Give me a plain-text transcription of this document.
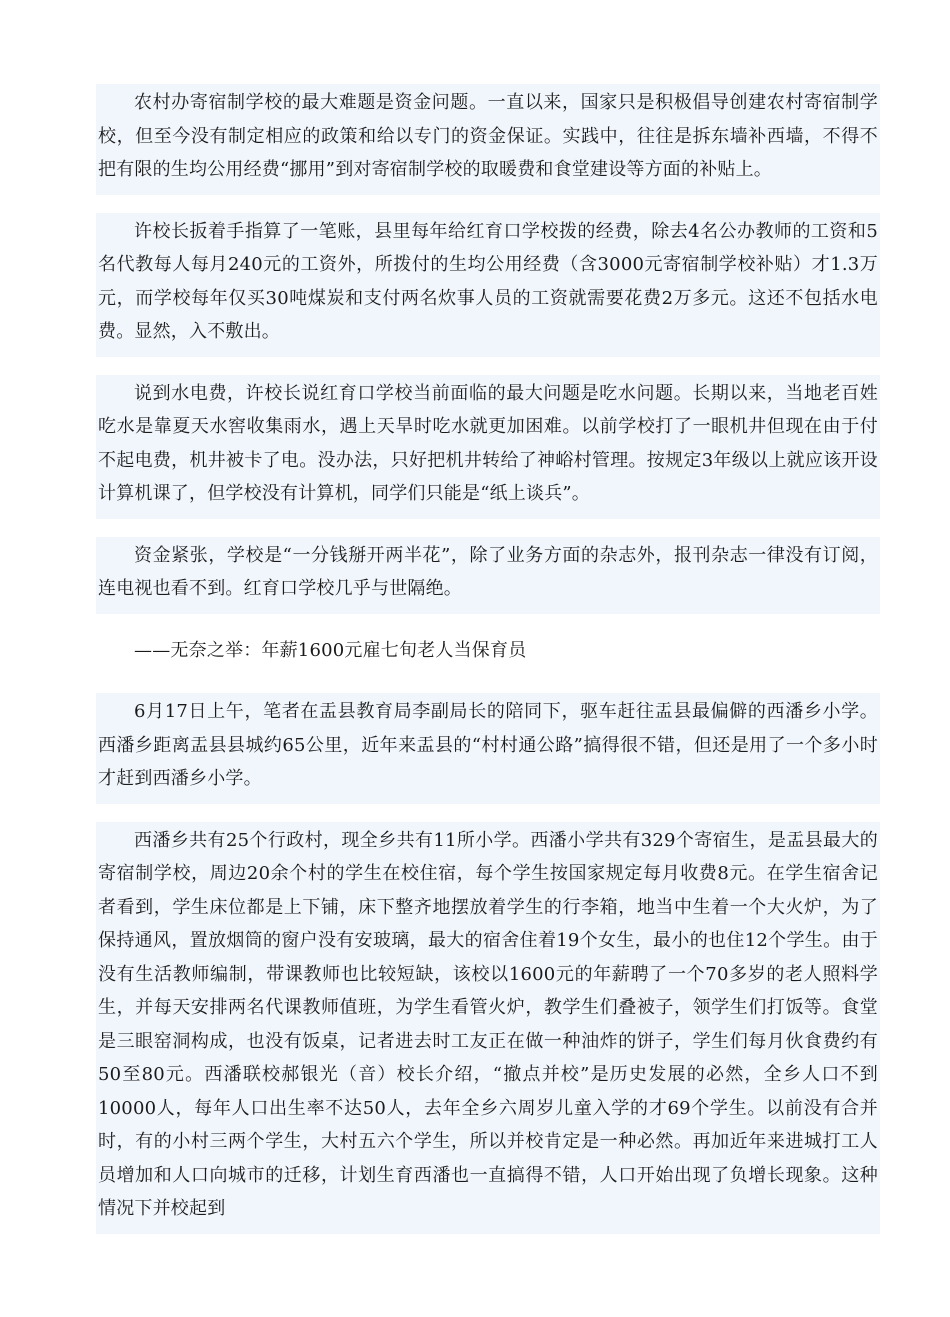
农村办寄宿制学校的最大难题是资金问题。一直以来，国家只是积极倡导创建农村寄宿制学校，但至今没有制定相应的政策和给以专门的资金保证。实践中，往往是拆东墙补西墙，不得不把有限的生均公用经费“挪用”到对寄宿制学校的取暖费和食堂建设等方面的补贴上。

许校长扳着手指算了一笔账，县里每年给红育口学校拨的经费，除去4名公办教师的工资和5名代教每人每月240元的工资外，所拨付的生均公用经费（含3000元寄宿制学校补贴）才1.3万元，而学校每年仅买30吨煤炭和支付两名炊事人员的工资就需要花费2万多元。这还不包括水电费。显然，入不敷出。

说到水电费，许校长说红育口学校当前面临的最大问题是吃水问题。长期以来，当地老百姓吃水是靠夏天水窖收集雨水，遇上天旱时吃水就更加困难。以前学校打了一眼机井但现在由于付不起电费，机井被卡了电。没办法，只好把机井转给了神峪村管理。按规定3年级以上就应该开设计算机课了，但学校没有计算机，同学们只能是“纸上谈兵”。

资金紧张，学校是“一分钱掰开两半花”，除了业务方面的杂志外，报刊杂志一律没有订阅，连电视也看不到。红育口学校几乎与世隔绝。

——无奈之举：年薪1600元雇七旬老人当保育员

6月17日上午，笔者在盂县教育局李副局长的陪同下，驱车赶往盂县最偏僻的西潘乡小学。西潘乡距离盂县县城约65公里，近年来盂县的“村村通公路”搞得很不错，但还是用了一个多小时才赶到西潘乡小学。

西潘乡共有25个行政村，现全乡共有11所小学。西潘小学共有329个寄宿生，是盂县最大的寄宿制学校，周边20余个村的学生在校住宿，每个学生按国家规定每月收费8元。在学生宿舍记者看到，学生床位都是上下铺，床下整齐地摆放着学生的行李箱，地当中生着一个大火炉，为了保持通风，置放烟筒的窗户没有安玻璃，最大的宿舍住着19个女生，最小的也住12个学生。由于没有生活教师编制，带课教师也比较短缺，该校以1600元的年薪聘了一个70多岁的老人照料学生，并每天安排两名代课教师值班，为学生看管火炉，教学生们叠被子，领学生们打饭等。食堂是三眼窑洞构成，也没有饭桌，记者进去时工友正在做一种油炸的饼子，学生们每月伙食费约有50至80元。西潘联校郝银光（音）校长介绍，“撤点并校”是历史发展的必然，全乡人口不到10000人，每年人口出生率不达50人，去年全乡六周岁儿童入学的才69个学生。以前没有合并时，有的小村三两个学生，大村五六个学生，所以并校肯定是一种必然。再加近年来进城打工人员增加和人口向城市的迁移，计划生育西潘也一直搞得不错，人口开始出现了负增长现象。这种情况下并校起到
